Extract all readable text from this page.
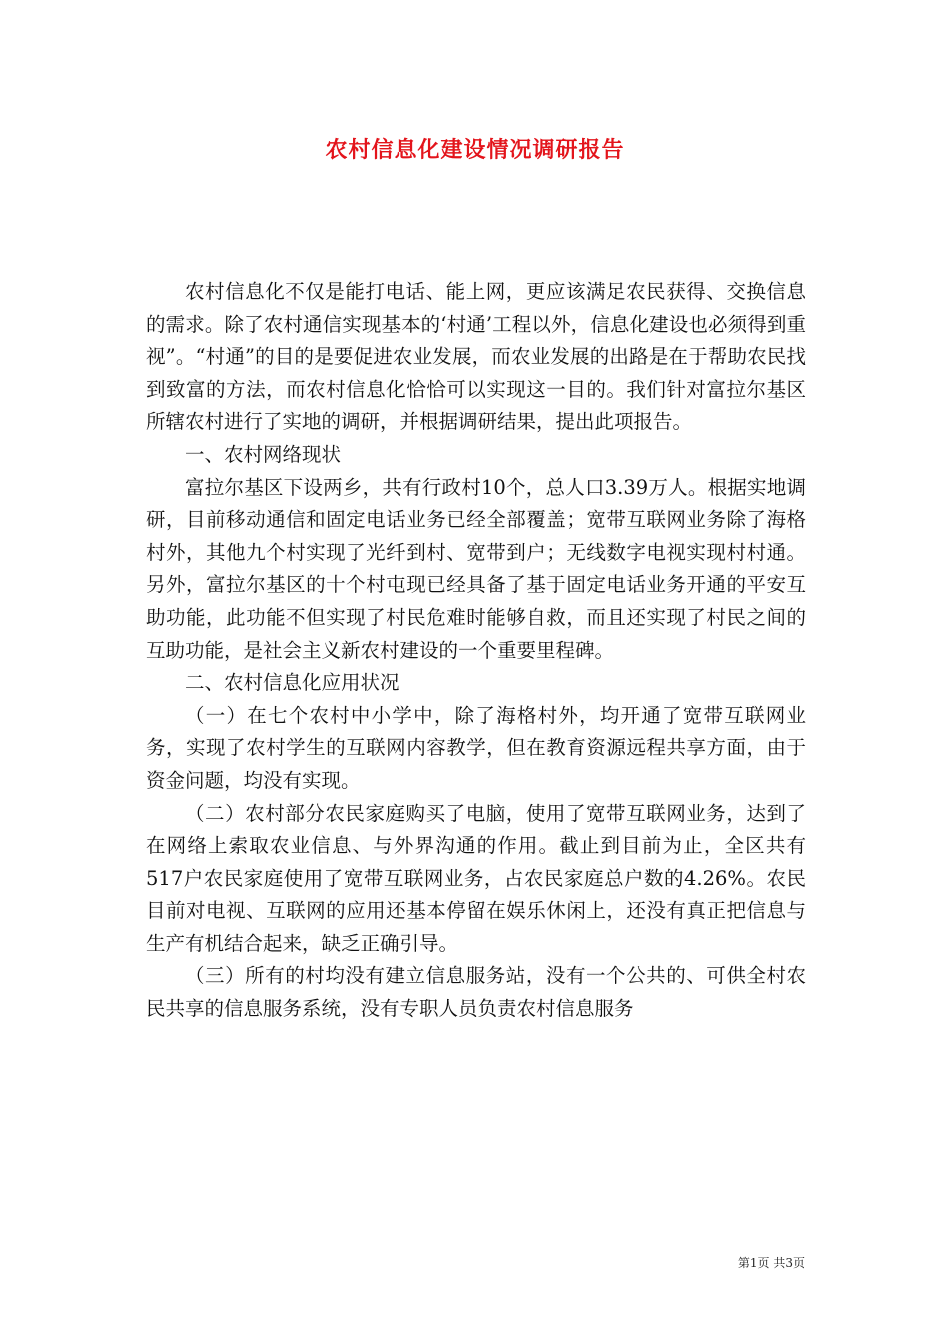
农村信息化建设情况调研报告

农村信息化不仅是能打电话、能上网，更应该满足农民获得、交换信息的需求。除了农村通信实现基本的‘村通’工程以外，信息化建设也必须得到重视”。“村通”的目的是要促进农业发展，而农业发展的出路是在于帮助农民找到致富的方法，而农村信息化恰恰可以实现这一目的。我们针对富拉尔基区所辖农村进行了实地的调研，并根据调研结果，提出此项报告。

一、农村网络现状

富拉尔基区下设两乡，共有行政村10个，总人口3.39万人。根据实地调研，目前移动通信和固定电话业务已经全部覆盖；宽带互联网业务除了海格村外，其他九个村实现了光纤到村、宽带到户；无线数字电视实现村村通。另外，富拉尔基区的十个村屯现已经具备了基于固定电话业务开通的平安互助功能，此功能不但实现了村民危难时能够自救，而且还实现了村民之间的互助功能，是社会主义新农村建设的一个重要里程碑。

二、农村信息化应用状况

（一）在七个农村中小学中，除了海格村外，均开通了宽带互联网业务，实现了农村学生的互联网内容教学，但在教育资源远程共享方面，由于资金问题，均没有实现。

（二）农村部分农民家庭购买了电脑，使用了宽带互联网业务，达到了在网络上索取农业信息、与外界沟通的作用。截止到目前为止，全区共有517户农民家庭使用了宽带互联网业务，占农民家庭总户数的4.26%。农民目前对电视、互联网的应用还基本停留在娱乐休闲上，还没有真正把信息与生产有机结合起来，缺乏正确引导。

（三）所有的村均没有建立信息服务站，没有一个公共的、可供全村农民共享的信息服务系统，没有专职人员负责农村信息服务

第1页 共3页
